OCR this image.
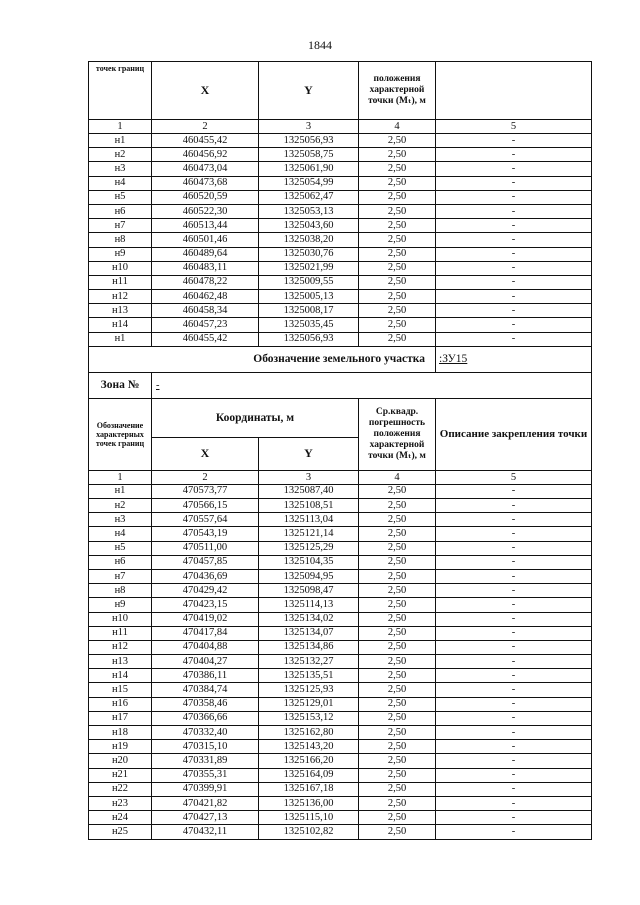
1844
точек границ	X	Y	положения характерной точки (Mₜ), м	
1	2	3	4	5
н1	460455,42	1325056,93	2,50	-
н2	460456,92	1325058,75	2,50	-
н3	460473,04	1325061,90	2,50	-
н4	460473,68	1325054,99	2,50	-
н5	460520,59	1325062,47	2,50	-
н6	460522,30	1325053,13	2,50	-
н7	460513,44	1325043,60	2,50	-
н8	460501,46	1325038,20	2,50	-
н9	460489,64	1325030,76	2,50	-
н10	460483,11	1325021,99	2,50	-
н11	460478,22	1325009,55	2,50	-
н12	460462,48	1325005,13	2,50	-
н13	460458,34	1325008,17	2,50	-
н14	460457,23	1325035,45	2,50	-
н1	460455,42	1325056,93	2,50	-
Обозначение земельного участка				:ЗУ15
Зона №	-			
Обозначение характерных точек границ	Координаты, м		Ср.квадр. погрешность положения характерной точки (Mₜ), м	Описание закрепления точки
	X	Y		
1	2	3	4	5
н1	470573,77	1325087,40	2,50	-
н2	470566,15	1325108,51	2,50	-
н3	470557,64	1325113,04	2,50	-
н4	470543,19	1325121,14	2,50	-
н5	470511,00	1325125,29	2,50	-
н6	470457,85	1325104,35	2,50	-
н7	470436,69	1325094,95	2,50	-
н8	470429,42	1325098,47	2,50	-
н9	470423,15	1325114,13	2,50	-
н10	470419,02	1325134,02	2,50	-
н11	470417,84	1325134,07	2,50	-
н12	470404,88	1325134,86	2,50	-
н13	470404,27	1325132,27	2,50	-
н14	470386,11	1325135,51	2,50	-
н15	470384,74	1325125,93	2,50	-
н16	470358,46	1325129,01	2,50	-
н17	470366,66	1325153,12	2,50	-
н18	470332,40	1325162,80	2,50	-
н19	470315,10	1325143,20	2,50	-
н20	470331,89	1325166,20	2,50	-
н21	470355,31	1325164,09	2,50	-
н22	470399,91	1325167,18	2,50	-
н23	470421,82	1325136,00	2,50	-
н24	470427,13	1325115,10	2,50	-
н25	470432,11	1325102,82	2,50	-
